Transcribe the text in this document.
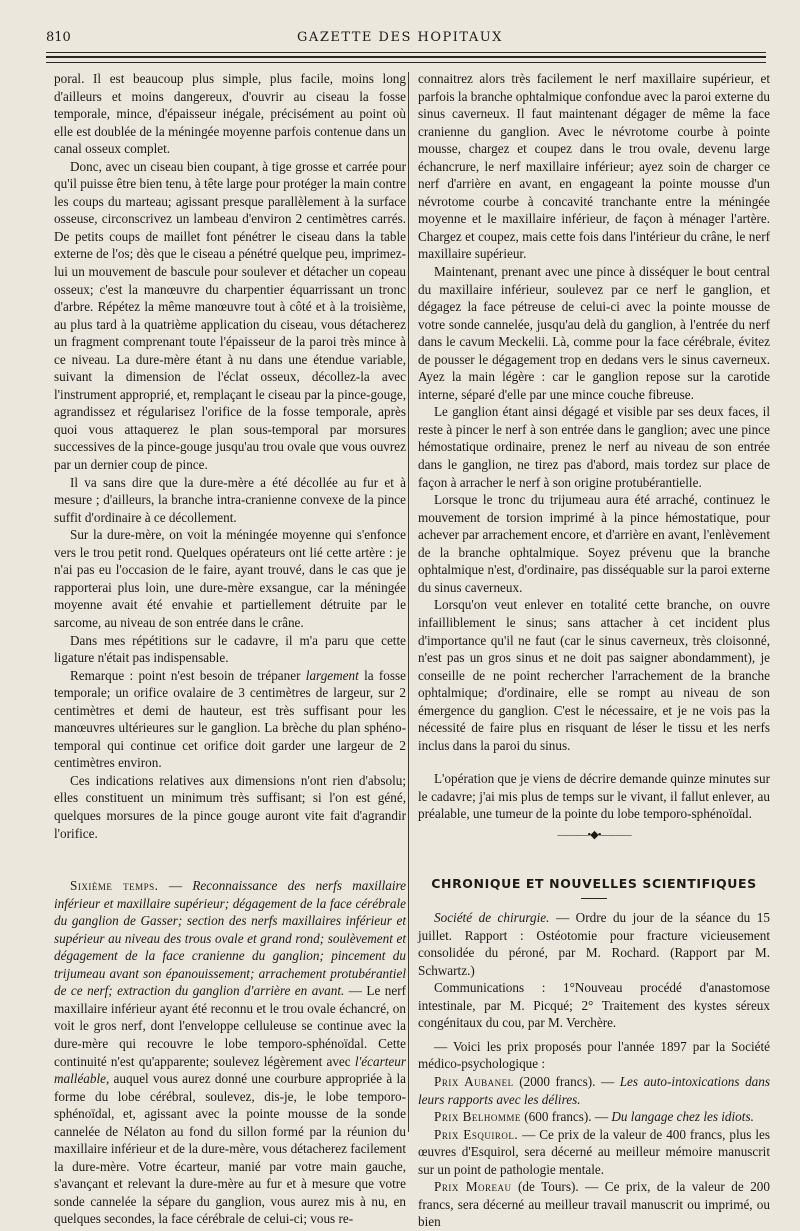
810	GAZETTE DES HOPITAUX

poral. Il est beaucoup plus simple, plus facile, moins long d'ailleurs et moins dangereux, d'ouvrir au ciseau la fosse temporale, mince, d'épaisseur inégale, précisément au point où elle est doublée de la méningée moyenne parfois contenue dans un canal osseux complet.

Donc, avec un ciseau bien coupant, à tige grosse et carrée pour qu'il puisse être bien tenu, à tête large pour protéger la main contre les coups du marteau; agissant presque parallèlement à la surface osseuse, circonscrivez un lambeau d'environ 2 centimètres carrés. De petits coups de maillet font pénétrer le ciseau dans la table externe de l'os; dès que le ciseau a pénétré quelque peu, imprimez-lui un mouvement de bascule pour soulever et détacher un copeau osseux; c'est la manœuvre du charpentier équarrissant un tronc d'arbre. Répétez la même manœuvre tout à côté et à la troisième, au plus tard à la quatrième application du ciseau, vous détacherez un fragment comprenant toute l'épaisseur de la paroi très mince à ce niveau. La dure-mère étant à nu dans une étendue variable, suivant la dimension de l'éclat osseux, décollez-la avec l'instrument approprié, et, remplaçant le ciseau par la pince-gouge, agrandissez et régularisez l'orifice de la fosse temporale, après quoi vous attaquerez le plan sous-temporal par morsures successives de la pince-gouge jusqu'au trou ovale que vous ouvrez par un dernier coup de pince.

Il va sans dire que la dure-mère a été décollée au fur et à mesure ; d'ailleurs, la branche intra-cranienne convexe de la pince suffit d'ordinaire à ce décollement.

Sur la dure-mère, on voit la méningée moyenne qui s'enfonce vers le trou petit rond. Quelques opérateurs ont lié cette artère : je n'ai pas eu l'occasion de le faire, ayant trouvé, dans le cas que je rapporterai plus loin, une dure-mère exsangue, car la méningée moyenne avait été envahie et partiellement détruite par le sarcome, au niveau de son entrée dans le crâne.

Dans mes répétitions sur le cadavre, il m'a paru que cette ligature n'était pas indispensable.

Remarque : point n'est besoin de trépaner largement la fosse temporale; un orifice ovalaire de 3 centimètres de largeur, sur 2 centimètres et demi de hauteur, est très suffisant pour les manœuvres ultérieures sur le ganglion. La brèche du plan sphéno-temporal qui continue cet orifice doit garder une largeur de 2 centimètres environ.

Ces indications relatives aux dimensions n'ont rien d'absolu; elles constituent un minimum très suffisant; si l'on est géné, quelques morsures de la pince gouge auront vite fait d'agrandir l'orifice.

Sixième temps. — Reconnaissance des nerfs maxillaire inférieur et maxillaire supérieur; dégagement de la face cérébrale du ganglion de Gasser; section des nerfs maxillaires inférieur et supérieur au niveau des trous ovale et grand rond; soulèvement et dégagement de la face cranienne du ganglion; pincement du trijumeau avant son épanouissement; arrachement protubérantiel de ce nerf; extraction du ganglion d'arrière en avant. — Le nerf maxillaire inférieur ayant été reconnu et le trou ovale échancré, on voit le gros nerf, dont l'enveloppe celluleuse se continue avec la dure-mère qui recouvre le lobe temporo-sphénoïdal. Cette continuité n'est qu'apparente; soulevez légèrement avec l'écarteur malléable, auquel vous aurez donné une courbure appropriée à la forme du lobe cérébral, soulevez, dis-je, le lobe temporo-sphénoïdal, et, agissant avec la pointe mousse de la sonde cannelée de Nélaton au fond du sillon formé par la réunion du maxillaire inférieur et de la dure-mère, vous détacherez facilement la dure-mère. Votre écarteur, manié par votre main gauche, s'avançant et relevant la dure-mère au fur et à mesure que votre sonde cannelée la sépare du ganglion, vous aurez mis à nu, en quelques secondes, la face cérébrale de celui-ci; vous re-

connaitrez alors très facilement le nerf maxillaire supérieur, et parfois la branche ophtalmique confondue avec la paroi externe du sinus caverneux. Il faut maintenant dégager de même la face cranienne du ganglion. Avec le névrotome courbe à pointe mousse, chargez et coupez dans le trou ovale, devenu large échancrure, le nerf maxillaire inférieur; ayez soin de charger ce nerf d'arrière en avant, en engageant la pointe mousse d'un névrotome courbe à concavité tranchante entre la méningée moyenne et le maxillaire inférieur, de façon à ménager l'artère. Chargez et coupez, mais cette fois dans l'intérieur du crâne, le nerf maxillaire supérieur.

Maintenant, prenant avec une pince à disséquer le bout central du maxillaire inférieur, soulevez par ce nerf le ganglion, et dégagez la face pétreuse de celui-ci avec la pointe mousse de votre sonde cannelée, jusqu'au delà du ganglion, à l'entrée du nerf dans le cavum Meckelii. Là, comme pour la face cérébrale, évitez de pousser le dégagement trop en dedans vers le sinus caverneux. Ayez la main légère : car le ganglion repose sur la carotide interne, séparé d'elle par une mince couche fibreuse.

Le ganglion étant ainsi dégagé et visible par ses deux faces, il reste à pincer le nerf à son entrée dans le ganglion; avec une pince hémostatique ordinaire, prenez le nerf au niveau de son entrée dans le ganglion, ne tirez pas d'abord, mais tordez sur place de façon à arracher le nerf à son origine protubérantielle.

Lorsque le tronc du trijumeau aura été arraché, continuez le mouvement de torsion imprimé à la pince hémostatique, pour achever par arrachement encore, et d'arrière en avant, l'enlèvement de la branche ophtalmique. Soyez prévenu que la branche ophtalmique n'est, d'ordinaire, pas disséquable sur la paroi externe du sinus caverneux.

Lorsqu'on veut enlever en totalité cette branche, on ouvre infailliblement le sinus; sans attacher à cet incident plus d'importance qu'il ne faut (car le sinus caverneux, très cloisonné, n'est pas un gros sinus et ne doit pas saigner abondamment), je conseille de ne point rechercher l'arrachement de la branche ophtalmique; d'ordinaire, elle se rompt au niveau de son émergence du ganglion. C'est le nécessaire, et je ne vois pas la nécessité de faire plus en risquant de léser le tissu et les nerfs inclus dans la paroi du sinus.

L'opération que je viens de décrire demande quinze minutes sur le cadavre; j'ai mis plus de temps sur le vivant, il fallut enlever, au préalable, une tumeur de la pointe du lobe temporo-sphénoïdal.

———•◆•———

CHRONIQUE ET NOUVELLES SCIENTIFIQUES

Société de chirurgie. — Ordre du jour de la séance du 15 juillet. Rapport : Ostéotomie pour fracture vicieusement consolidée du péroné, par M. Rochard. (Rapport par M. Schwartz.)

Communications : 1°Nouveau procédé d'anastomose intestinale, par M. Picqué; 2° Traitement des kystes séreux congénitaux du cou, par M. Verchère.

— Voici les prix proposés pour l'année 1897 par la Société médico-psychologique :

Prix Aubanel (2000 francs). — Les auto-intoxications dans leurs rapports avec les délires.

Prix Belhomme (600 francs). — Du langage chez les idiots.

Prix Esquirol. — Ce prix de la valeur de 400 francs, plus les œuvres d'Esquirol, sera décerné au meilleur mémoire manuscrit sur un point de pathologie mentale.

Prix Moreau (de Tours). — Ce prix, de la valeur de 200 francs, sera décerné au meilleur travail manuscrit ou imprimé, ou bien
